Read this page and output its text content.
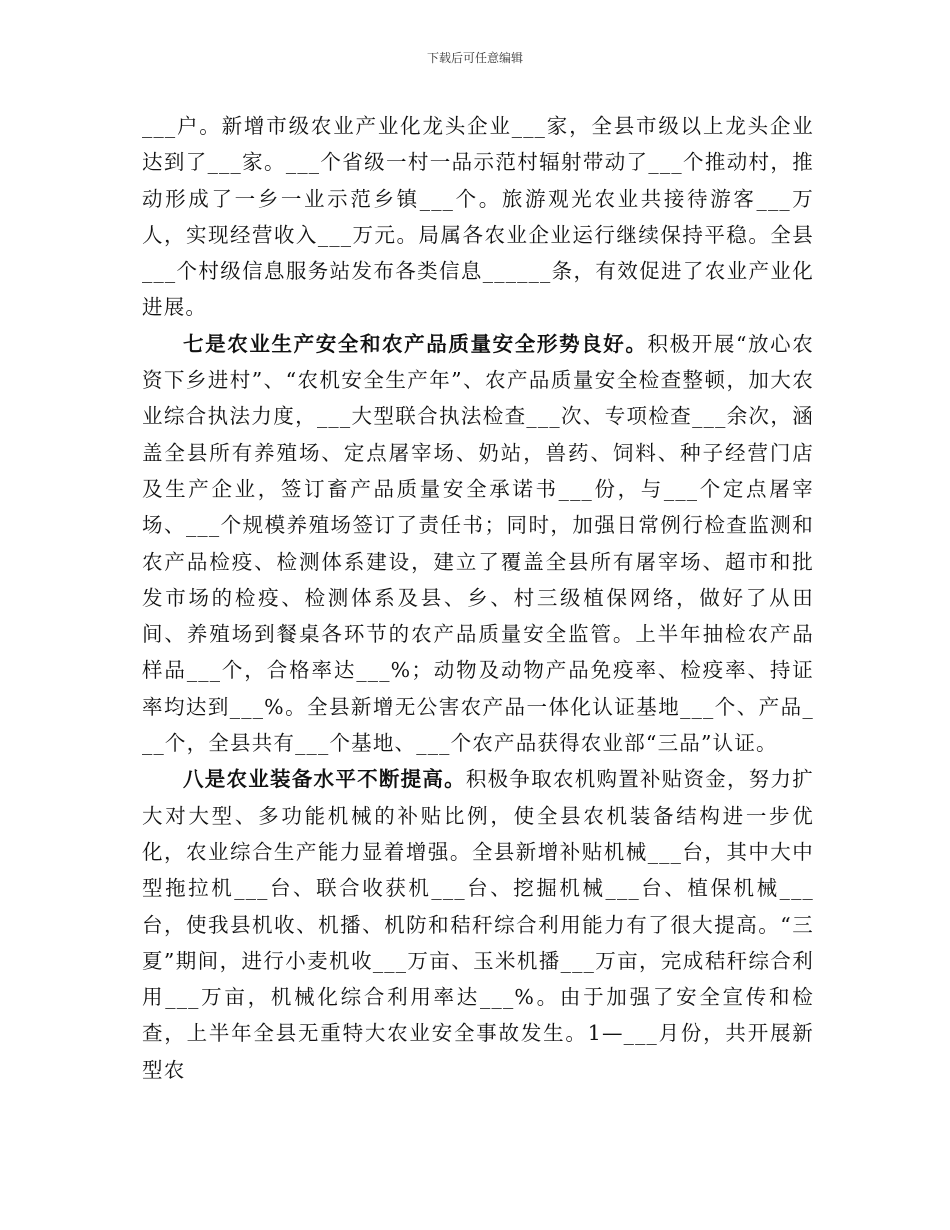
下载后可任意编辑

___户。新增市级农业产业化龙头企业___家，全县市级以上龙头企业达到了___家。___个省级一村一品示范村辐射带动了___个推动村，推动形成了一乡一业示范乡镇___个。旅游观光农业共接待游客___万人，实现经营收入___万元。局属各农业企业运行继续保持平稳。全县___个村级信息服务站发布各类信息______条，有效促进了农业产业化进展。

七是农业生产安全和农产品质量安全形势良好。积极开展“放心农资下乡进村”、“农机安全生产年”、农产品质量安全检查整顿，加大农业综合执法力度，___大型联合执法检查___次、专项检查___余次，涵盖全县所有养殖场、定点屠宰场、奶站，兽药、饲料、种子经营门店及生产企业，签订畜产品质量安全承诺书___份，与___个定点屠宰场、___个规模养殖场签订了责任书；同时，加强日常例行检查监测和农产品检疫、检测体系建设，建立了覆盖全县所有屠宰场、超市和批发市场的检疫、检测体系及县、乡、村三级植保网络，做好了从田间、养殖场到餐桌各环节的农产品质量安全监管。上半年抽检农产品样品___个，合格率达___%；动物及动物产品免疫率、检疫率、持证率均达到___%。全县新增无公害农产品一体化认证基地___个、产品___个，全县共有___个基地、___个农产品获得农业部“三品”认证。

八是农业装备水平不断提高。积极争取农机购置补贴资金，努力扩大对大型、多功能机械的补贴比例，使全县农机装备结构进一步优化，农业综合生产能力显着增强。全县新增补贴机械___台，其中大中型拖拉机___台、联合收获机___台、挖掘机械___台、植保机械___台，使我县机收、机播、机防和秸秆综合利用能力有了很大提高。“三夏”期间，进行小麦机收___万亩、玉米机播___万亩，完成秸秆综合利用___万亩，机械化综合利用率达___%。由于加强了安全宣传和检查，上半年全县无重特大农业安全事故发生。1—___月份，共开展新型农
